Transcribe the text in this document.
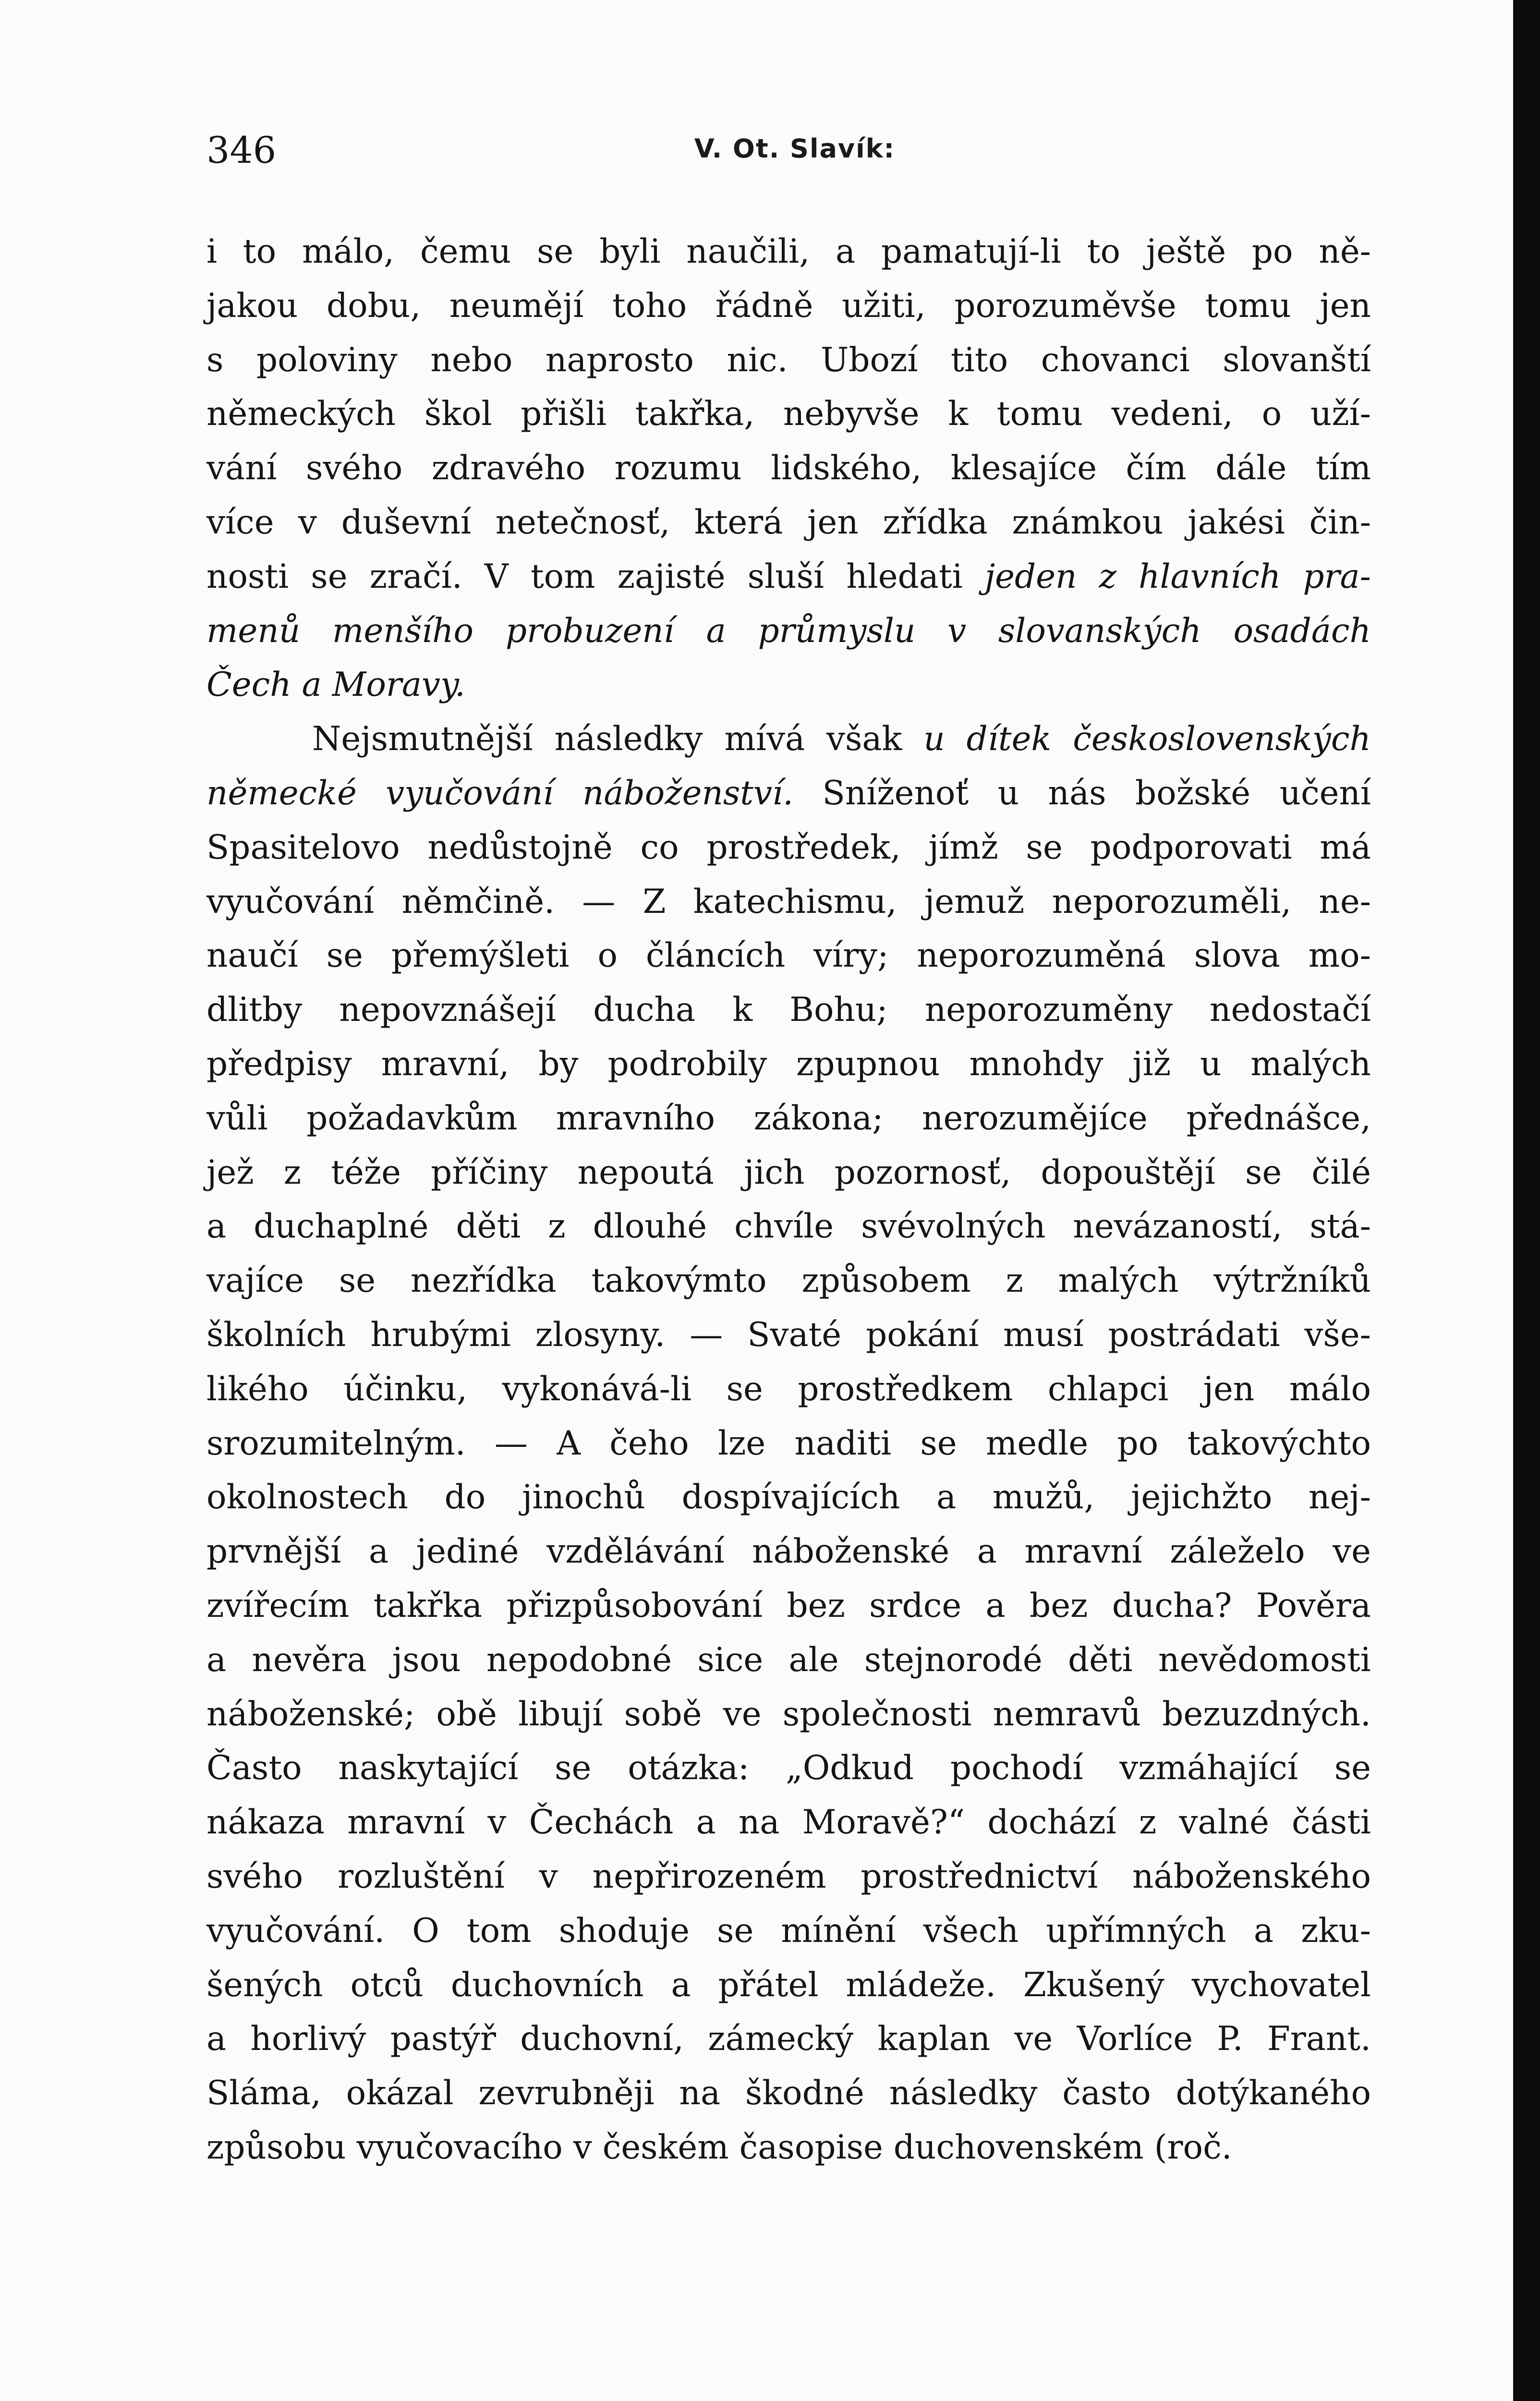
346	V. Ot. Slavík:
i to málo, čemu se byli naučili, a pamatují-li to ještě po ně-
jakou dobu, neumějí toho řádně užiti, porozuměvše tomu jen
s poloviny nebo naprosto nic. Ubozí tito chovanci slovanští
německých škol přišli takřka, nebyvše k tomu vedeni, o uží-
vání svého zdravého rozumu lidského, klesajíce čím dále tím
více v duševní netečnosť, která jen zřídka známkou jakési čin-
nosti se zračí. V tom zajisté sluší hledati jeden z hlavních pra-
menů menšího probuzení a průmyslu v slovanských osadách
Čech a Moravy.
Nejsmutnější následky mívá však u dítek československých
německé vyučování náboženství. Sníženoť u nás božské učení
Spasitelovo nedůstojně co prostředek, jímž se podporovati má
vyučování němčině. — Z katechismu, jemuž neporozuměli, ne-
naučí se přemýšleti o článcích víry; neporozuměná slova mo-
dlitby nepovznášejí ducha k Bohu; neporozuměny nedostačí
předpisy mravní, by podrobily zpupnou mnohdy již u malých
vůli požadavkům mravního zákona; nerozumějíce přednášce,
jež z téže příčiny nepoutá jich pozornosť, dopouštějí se čilé
a duchaplné děti z dlouhé chvíle svévolných nevázaností, stá-
vajíce se nezřídka takovýmto způsobem z malých výtržníků
školních hrubými zlosyny. — Svaté pokání musí postrádati vše-
likého účinku, vykonává-li se prostředkem chlapci jen málo
srozumitelným. — A čeho lze naditi se medle po takovýchto
okolnostech do jinochů dospívajících a mužů, jejichžto nej-
prvnější a jediné vzdělávání náboženské a mravní záleželo ve
zvířecím takřka přizpůsobování bez srdce a bez ducha? Pověra
a nevěra jsou nepodobné sice ale stejnorodé děti nevědomosti
náboženské; obě libují sobě ve společnosti nemravů bezuzdných.
Často naskytající se otázka: „Odkud pochodí vzmáhající se
nákaza mravní v Čechách a na Moravě?“ dochází z valné části
svého rozluštění v nepřirozeném prostřednictví náboženského
vyučování. O tom shoduje se mínění všech upřímných a zku-
šených otců duchovních a přátel mládeže. Zkušený vychovatel
a horlivý pastýř duchovní, zámecký kaplan ve Vorlíce P. Frant.
Sláma, okázal zevrubněji na škodné následky často dotýkaného
způsobu vyučovacího v českém časopise duchovenském (roč.
